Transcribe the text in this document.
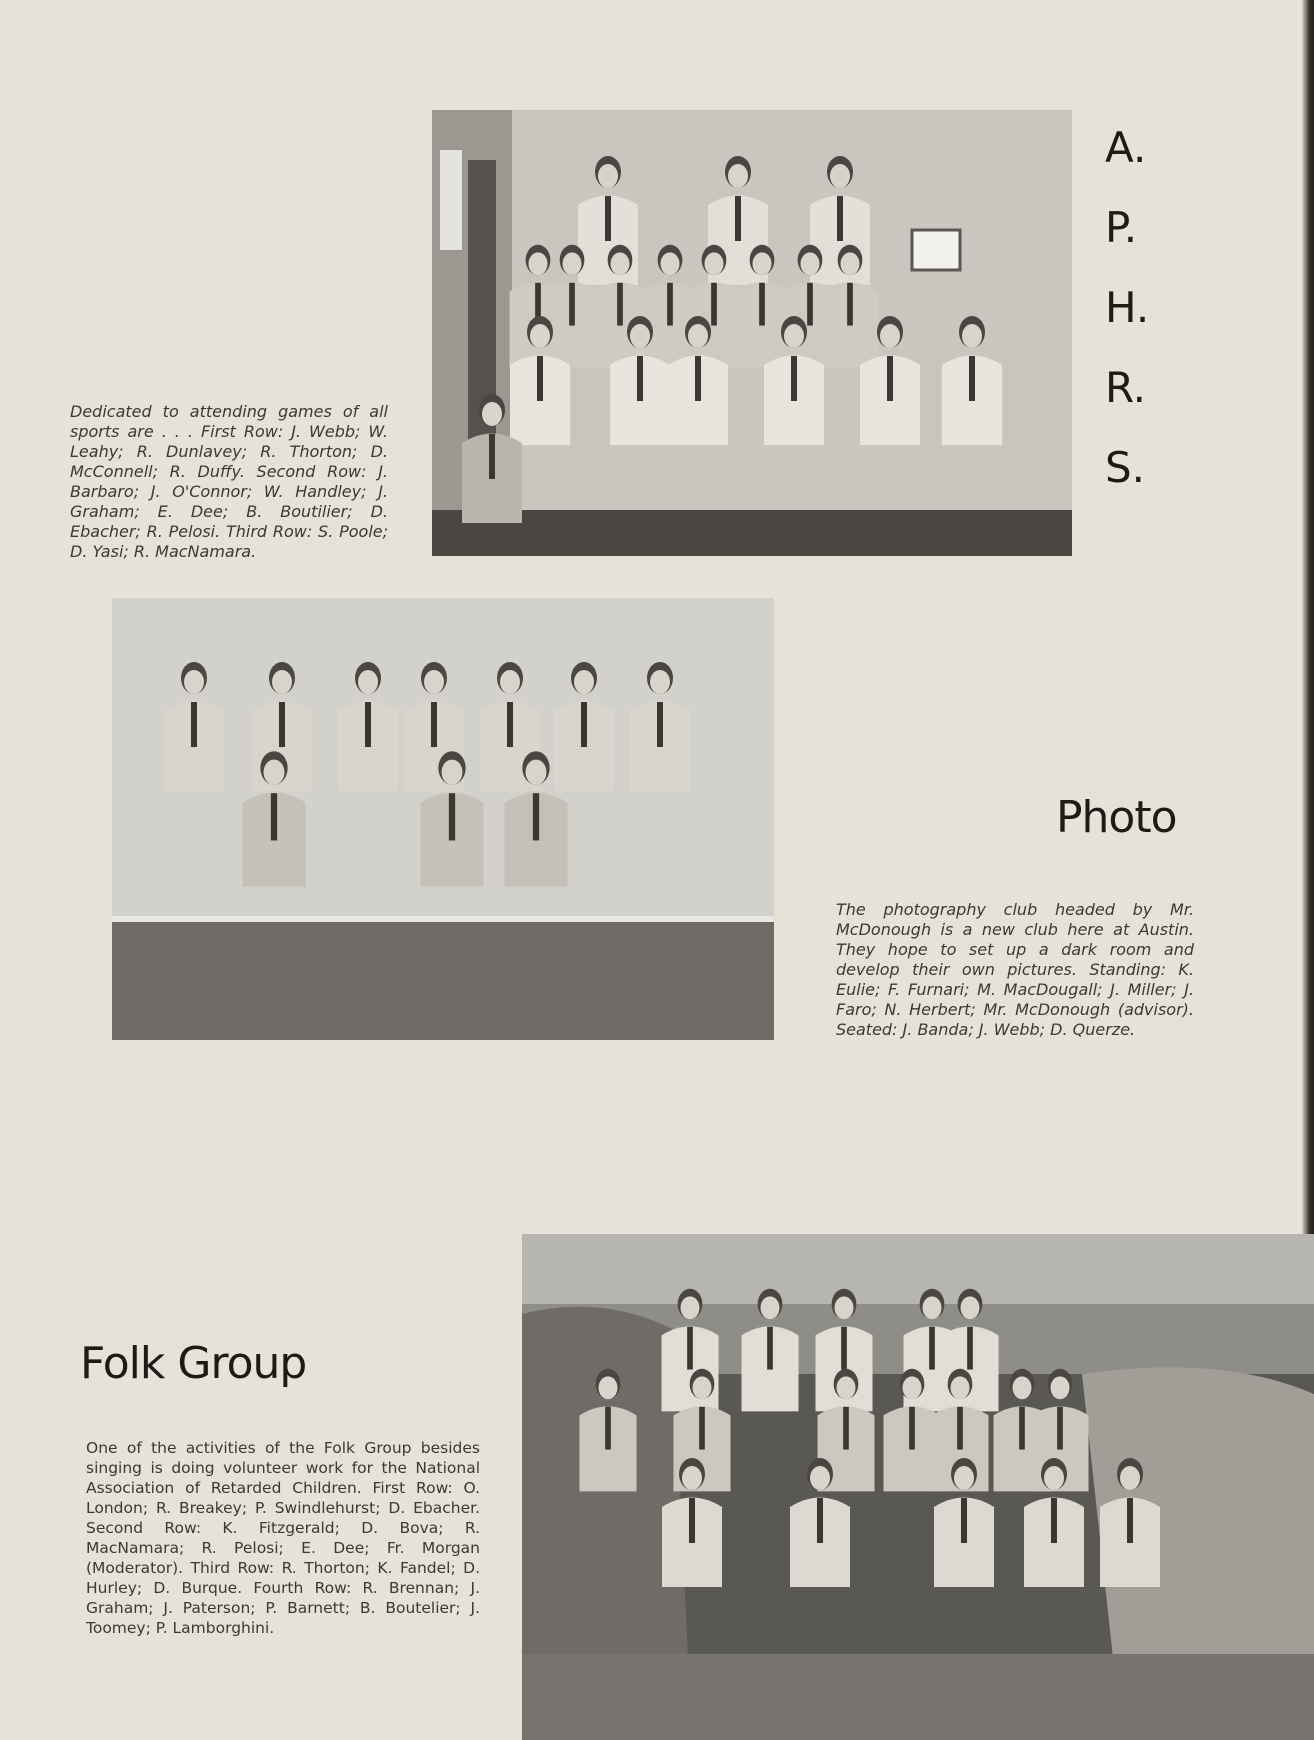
Dedicated to attending games of all sports are . . . First Row: J. Webb; W. Leahy; R. Dunlavey; R. Thorton; D. McConnell; R. Duffy. Second Row: J. Barbaro; J. O'Connor; W. Handley; J. Graham; E. Dee; B. Boutilier; D. Ebacher; R. Pelosi. Third Row: S. Poole; D. Yasi; R. MacNamara.

A.
P.
H.
R.
S.
Photo

The photography club headed by Mr. McDonough is a new club here at Austin. They hope to set up a dark room and develop their own pictures. Standing: K. Eulie; F. Furnari; M. MacDougall; J. Miller; J. Faro; N. Herbert; Mr. McDonough (advisor). Seated: J. Banda; J. Webb; D. Querze.

Folk Group

One of the activities of the Folk Group besides singing is doing volunteer work for the National Association of Retarded Children. First Row: O. London; R. Breakey; P. Swindlehurst; D. Ebacher. Second Row: K. Fitzgerald; D. Bova; R. MacNamara; R. Pelosi; E. Dee; Fr. Morgan (Moderator). Third Row: R. Thorton; K. Fandel; D. Hurley; D. Burque. Fourth Row: R. Brennan; J. Graham; J. Paterson; P. Barnett; B. Boutelier; J. Toomey; P. Lamborghini.
